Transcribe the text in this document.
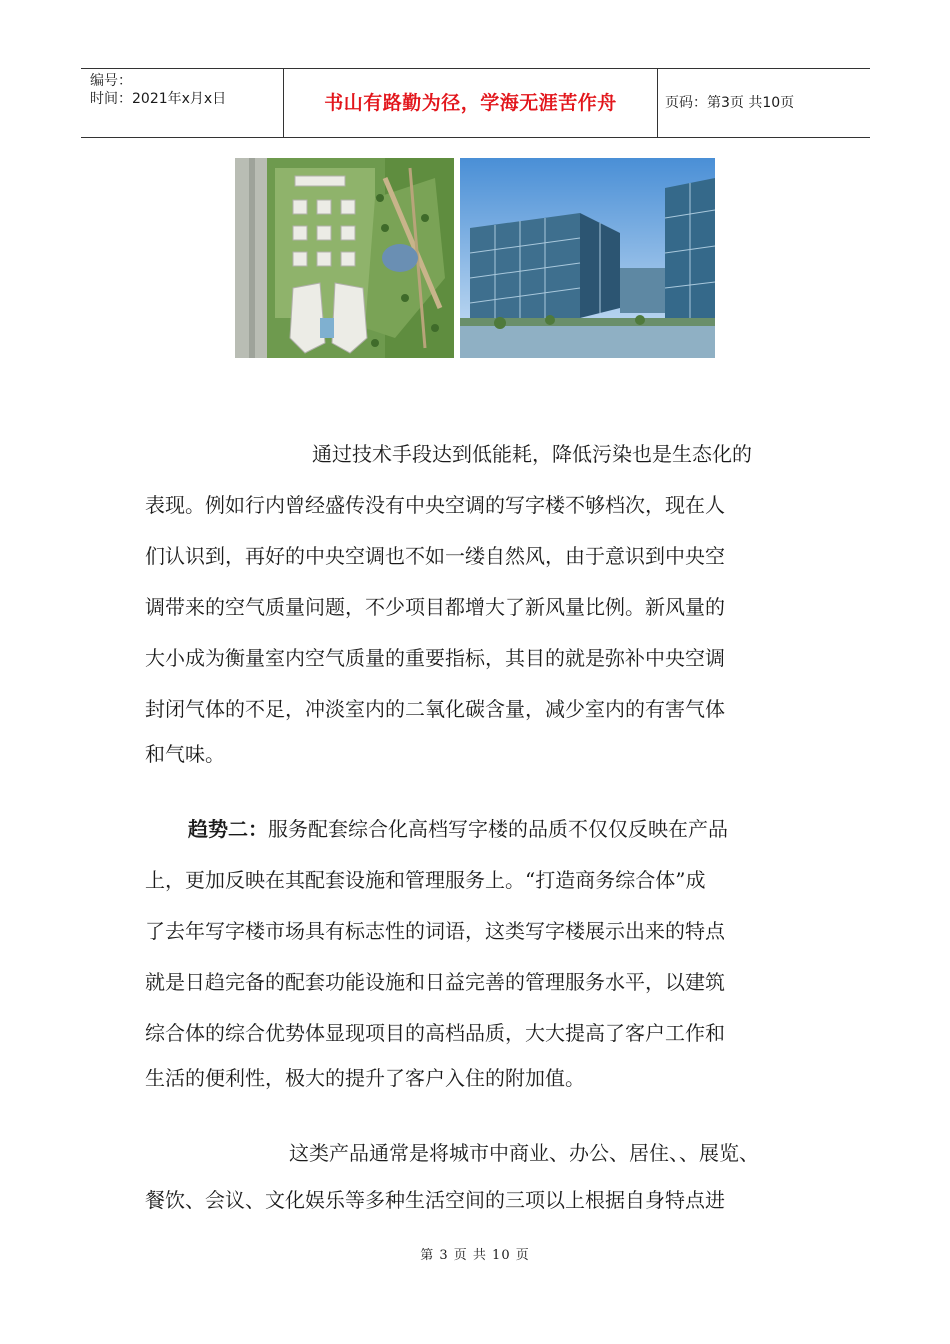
编号：
时间：2021年x月x日	书山有路勤为径，学海无涯苦作舟	页码：第3页 共10页
通过技术手段达到低能耗，降低污染也是生态化的
表现。例如行内曾经盛传没有中央空调的写字楼不够档次，现在人
们认识到，再好的中央空调也不如一缕自然风，由于意识到中央空
调带来的空气质量问题，不少项目都增大了新风量比例。新风量的
大小成为衡量室内空气质量的重要指标，其目的就是弥补中央空调
封闭气体的不足，冲淡室内的二氧化碳含量，减少室内的有害气体
和气味。
趋势二：服务配套综合化高档写字楼的品质不仅仅反映在产品
上，更加反映在其配套设施和管理服务上。“打造商务综合体”成
了去年写字楼市场具有标志性的词语，这类写字楼展示出来的特点
就是日趋完备的配套功能设施和日益完善的管理服务水平，以建筑
综合体的综合优势体显现项目的高档品质，大大提高了客户工作和
生活的便利性，极大的提升了客户入住的附加值。
这类产品通常是将城市中商业、办公、居住、、展览、
餐饮、会议、文化娱乐等多种生活空间的三项以上根据自身特点进
第 3 页 共 10 页
